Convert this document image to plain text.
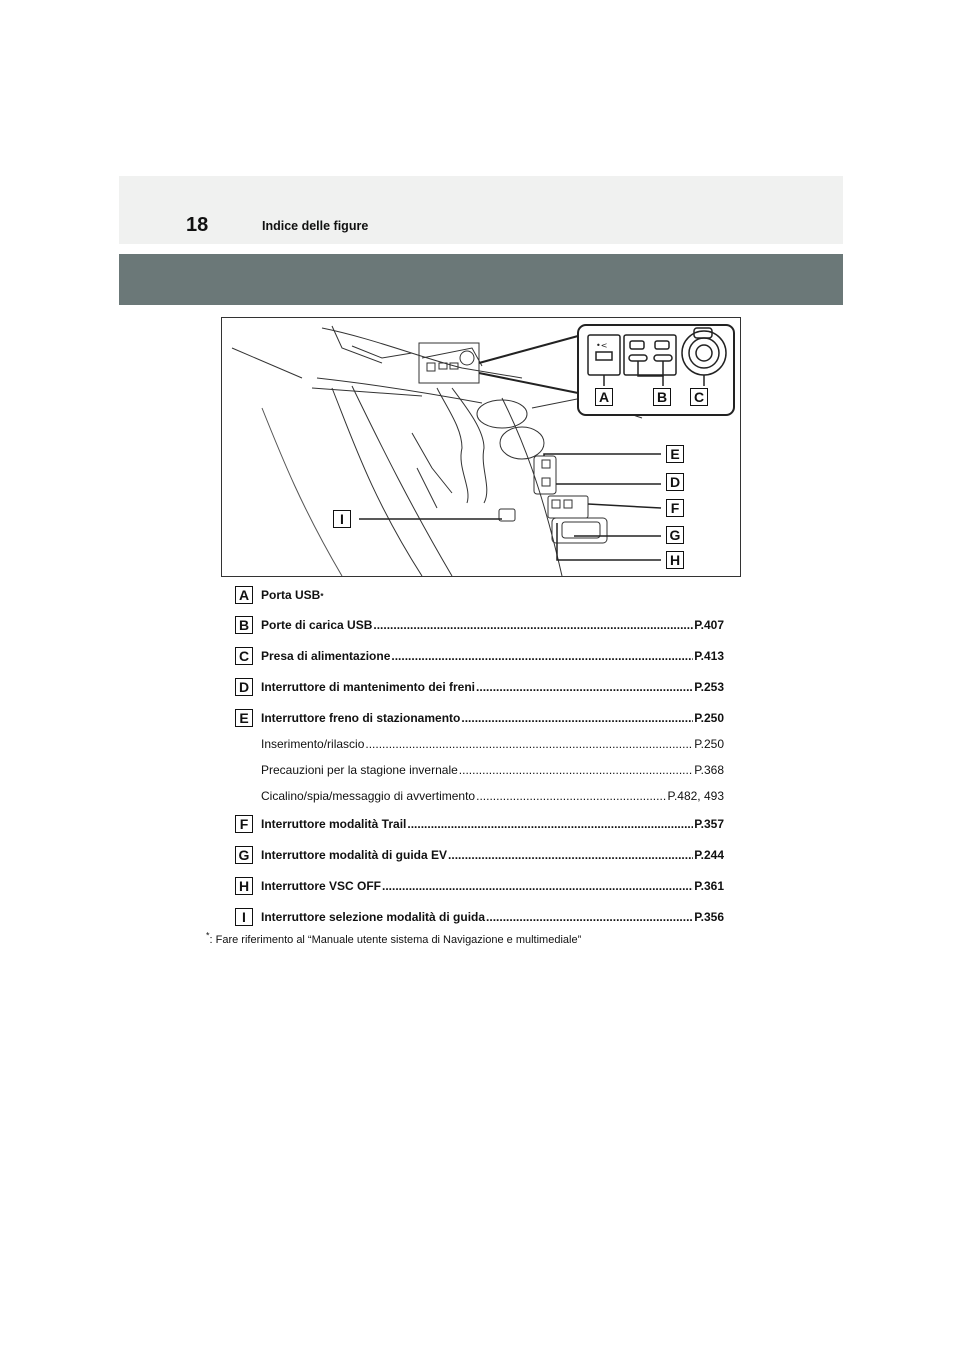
18	Indice delle figure
•<
A	B C
E
D
F
G
H
I
A Porta USB *
B Porte di carica USB .....	P.407
C Presa di alimentazione .....	P.413
D Interruttore di mantenimento dei freni .....	P.253
E	Interruttore freno di stazionamento .....	P.250
Inserimento/rilascio .....	P.250
Precauzioni per la stagione invernale .....	P.368
Cicalino/spia/messaggio di avvertimento .....	P.482, 493
F	Interruttore modalità Trail .....	P.357
G Interruttore modalità di guida EV .....	P.244
H Interruttore VSC OFF .....	P.361
I	Interruttore selezione modalità di guida .....	P.356
*: Fare riferimento al “Manuale utente sistema di Navigazione e multimediale”
